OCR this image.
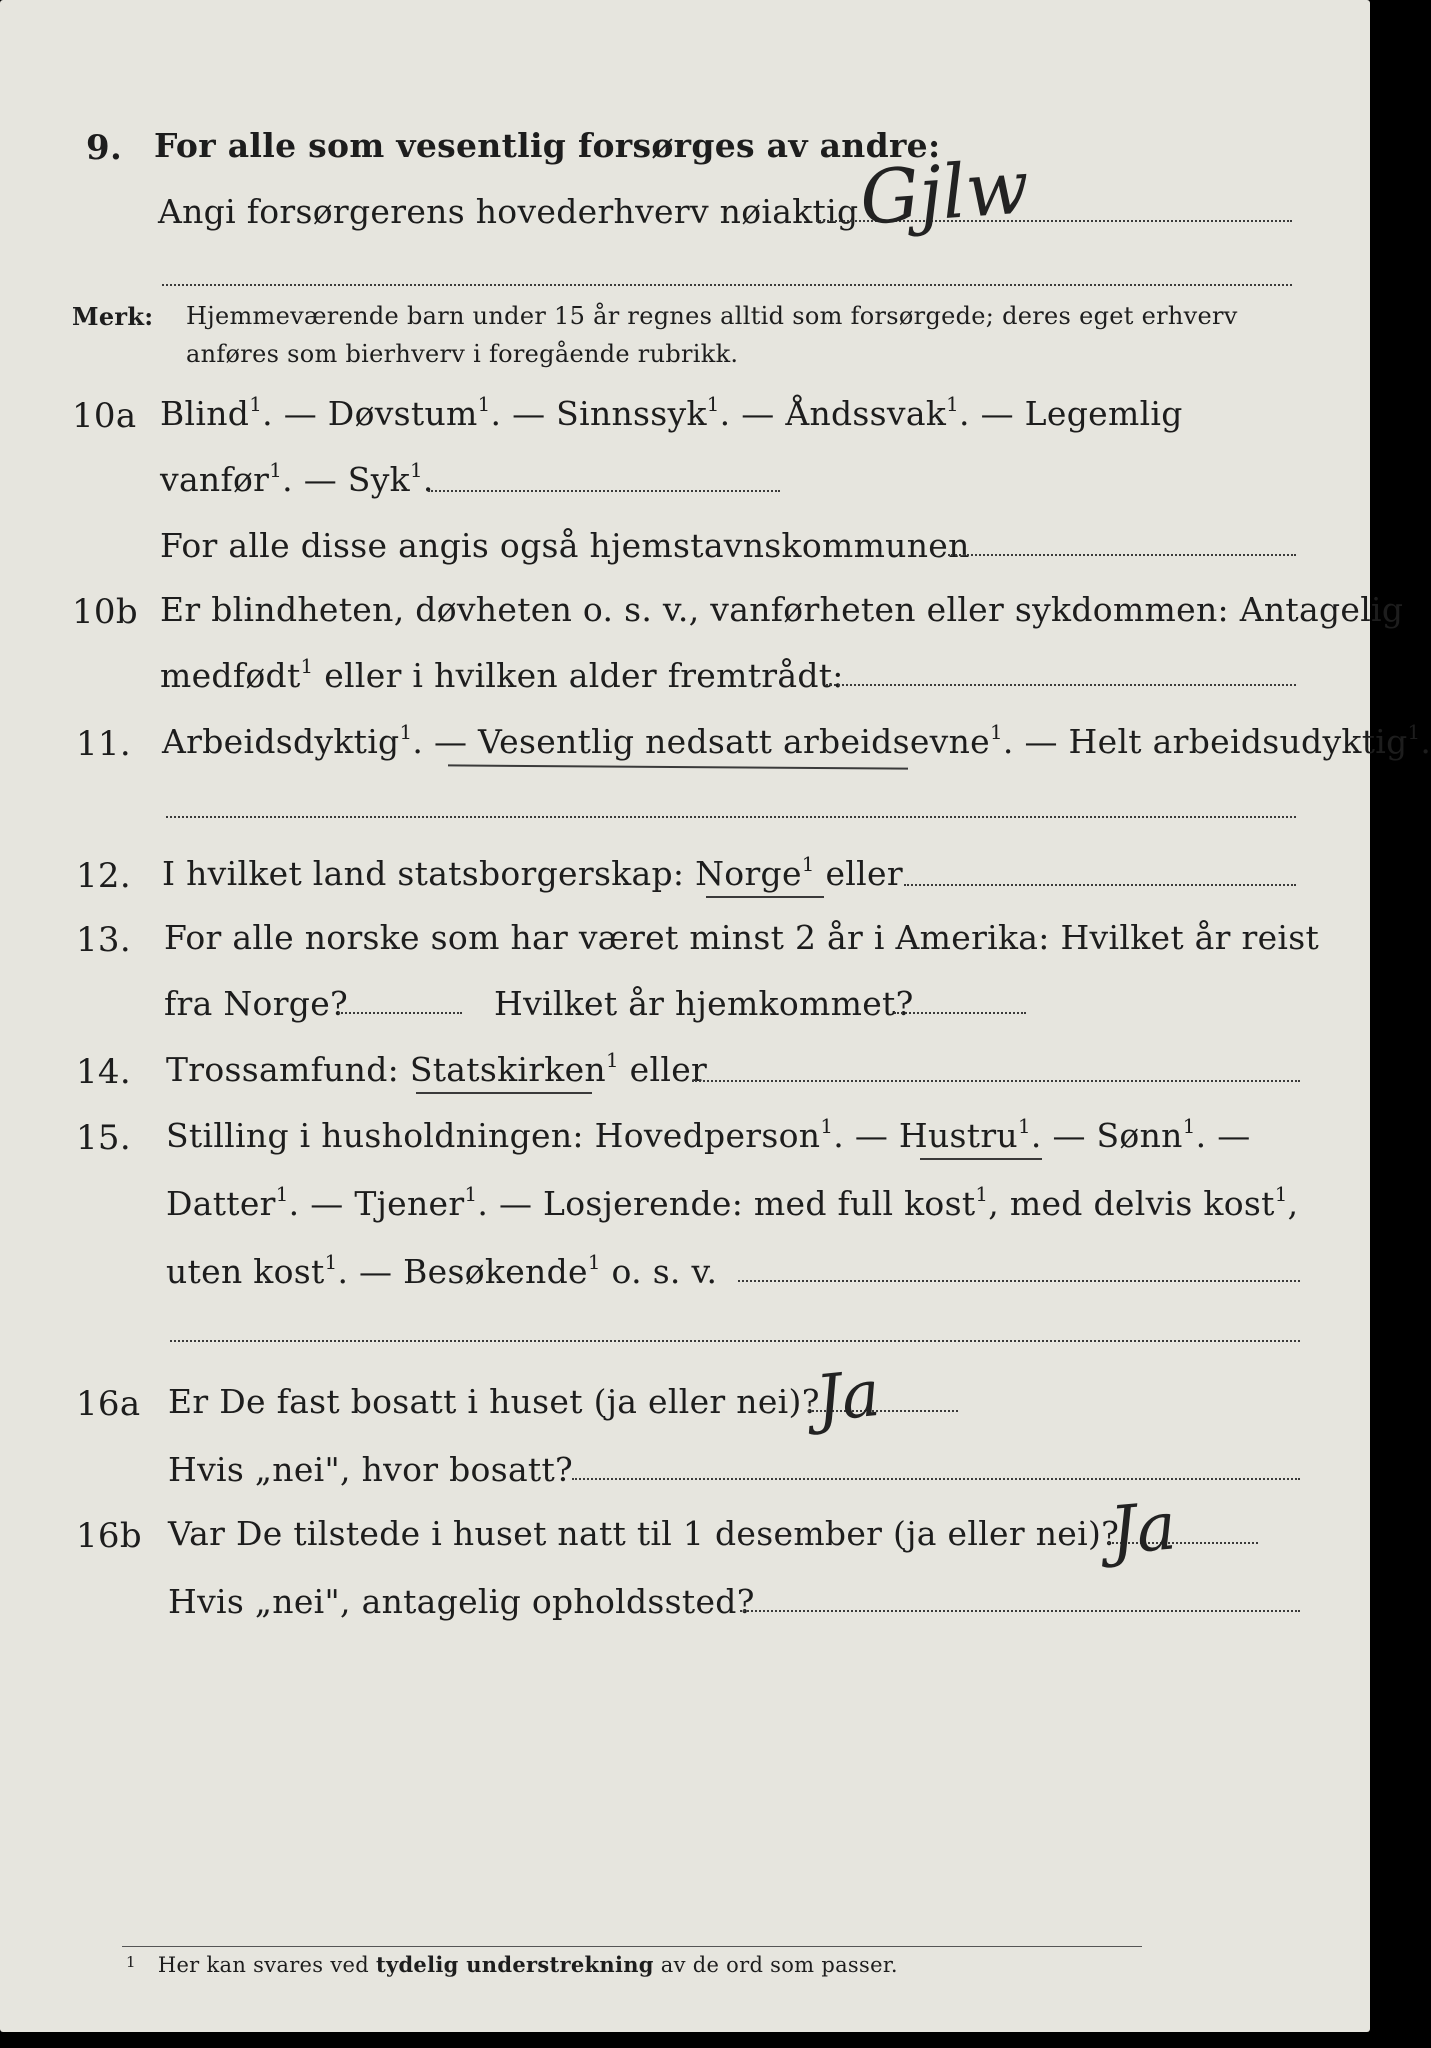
9. For alle som vesentlig forsørges av andre:
Angi forsørgerens hovederhverv nøiaktig
Gjlw
Merk: Hjemmeværende barn under 15 år regnes alltid som forsørgede; deres eget erhverv
anføres som bierhverv i foregående rubrikk.
10a Blind$^1$. — Døvstum$^1$. — Sinnssyk$^1$. — Åndssvak$^1$. — Legemlig
vanfør$^1$. — Syk$^1$.
For alle disse angis også hjemstavnskommunen
10b Er blindheten, døvheten o. s. v., vanførheten eller sykdommen: Antagelig
medfødt$^1$ eller i hvilken alder fremtrådt:
11. Arbeidsdyktig$^1$. — Vesentlig nedsatt arbeidsevne$^1$. — Helt arbeidsudyktig$^1$.
12. I hvilket land statsborgerskap: Norge$^1$ eller
13. For alle norske som har været minst 2 år i Amerika: Hvilket år reist
fra Norge?	Hvilket år hjemkommet?
14. Trossamfund: Statskirken$^1$ eller
15. Stilling i husholdningen: Hovedperson$^1$. — Hustru$^1$. — Sønn$^1$. —
Datter$^1$. — Tjener$^1$. — Losjerende: med full kost$^1$, med delvis kost$^1$,
uten kost$^1$. — Besøkende$^1$ o. s. v.
16a Er De fast bosatt i huset (ja eller nei)?
Ja
Hvis „nei", hvor bosatt?
16b Var De tilstede i huset natt til 1 desember (ja eller nei)?
Ja
Hvis „nei", antagelig opholdssted?
$^1$ Her kan svares ved tydelig understrekning av de ord som passer.
